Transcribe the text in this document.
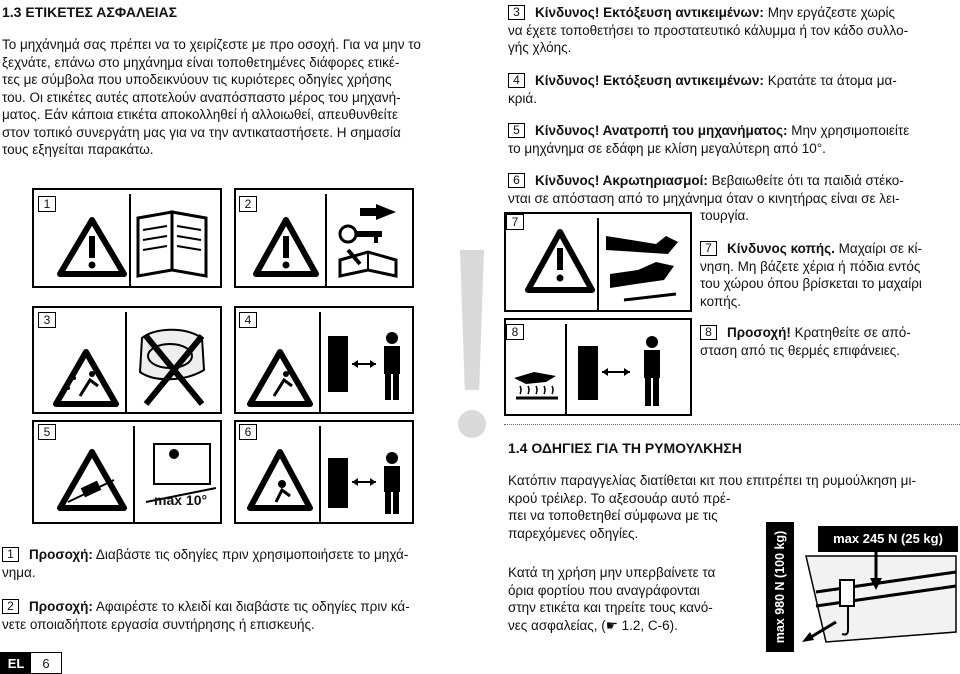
1.3 ΕΤΙΚΕΤΕΣ ΑΣΦΑΛΕΙΑΣ
Το μηχάνημά σας πρέπει να το χειρίζεστε με προ οσοχή. Για να μην το
ξεχνάτε, επάνω στο μηχάνημα είναι τοποθετημένες διάφορες ετικέ-
τες με σύμβολα που υποδεικνύουν τις κυριότερες οδηγίες χρήσης
του. Οι ετικέτες αυτές αποτελούν αναπόσπαστο μέρος του μηχανή-
ματος. Εάν κάποια ετικέτα αποκολληθεί ή αλλοιωθεί, απευθυνθείτε
στον τοπικό συνεργάτη μας για να την αντικαταστήσετε. Η σημασία
τους εξηγείται παρακάτω.
1	2
3	4
max 10°
5	6
1 Προσοχή: Διαβάστε τις οδηγίες πριν χρησιμοποιήσετε το μηχά-
νημα.
2 Προσοχή: Αφαιρέστε το κλειδί και διαβάστε τις οδηγίες πριν κά-
νετε οποιαδήποτε εργασία συντήρησης ή επισκευής.
3 Κίνδυνος! Εκτόξευση αντικειμένων: Μην εργάζεστε χωρίς
να έχετε τοποθετήσει το προστατευτικό κάλυμμα ή τον κάδο συλλο-
γής χλόης.
4 Κίνδυνος! Εκτόξευση αντικειμένων: Κρατάτε τα άτομα μα-
κριά.
5 Κίνδυνος! Ανατροπή του μηχανήματος: Μην χρησιμοποιείτε
το μηχάνημα σε εδάφη με κλίση μεγαλύτερη από 10°.
6 Κίνδυνος! Ακρωτηριασμοί: Βεβαιωθείτε ότι τα παιδιά στέκο-
νται σε απόσταση από το μηχάνημα όταν ο κινητήρας είναι σε λει-
τουργία.
7
8
7 Κίνδυνος κοπής. Μαχαίρι σε κί-
νηση. Μη βάζετε χέρια ή πόδια εντός
του χώρου όπου βρίσκεται το μαχαίρι
κοπής.
8 Προσοχή! Κρατηθείτε σε από-
σταση από τις θερμές επιφάνειες.
1.4 ΟΔΗΓΙΕΣ ΓΙΑ ΤΗ ΡΥΜΟΥΛΚΗΣΗ
Κατόπιν παραγγελίας διατίθεται κιτ που επιτρέπει τη ρυμούλκηση μι-
κρού τρέιλερ. Το αξεσουάρ αυτό πρέ-
πει να τοποθετηθεί σύμφωνα με τις
παρεχόμενες οδηγίες.
Κατά τη χρήση μην υπερβαίνετε τα
όρια φορτίου που αναγράφονται
στην ετικέτα και τηρείτε τους κανό-
νες ασφαλείας, (☛ 1.2, C-6).
max 245 N (25 kg)
max 980 N (100 kg)
EL	6
